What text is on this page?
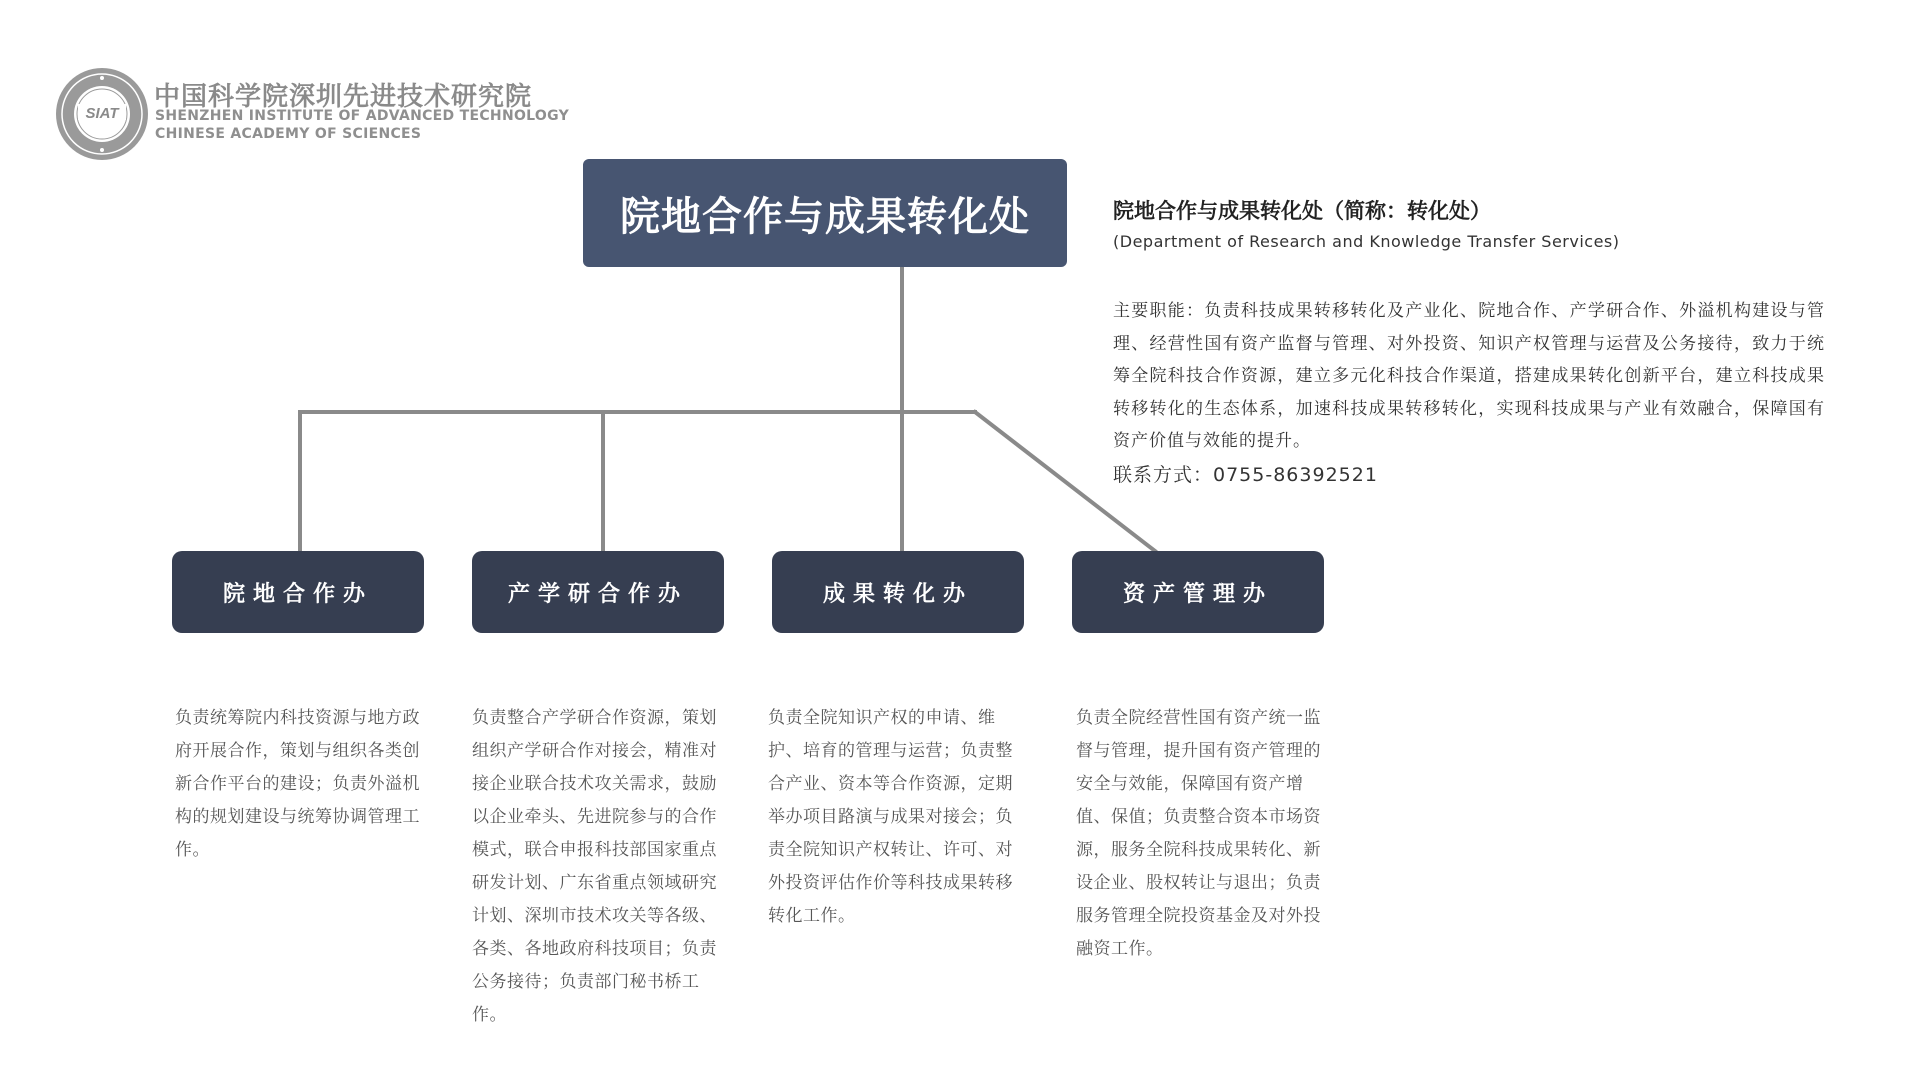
SIAT
中国科学院深圳先进技术研究院
SHENZHEN INSTITUTE OF ADVANCED TECHNOLOGY
CHINESE ACADEMY OF SCIENCES
院地合作与成果转化处	院地合作与成果转化处（简称：转化处）
(Department of Research and Knowledge Transfer Services)
主要职能：负责科技成果转移转化及产业化、院地合作、产学研合作、外溢机构建设与管理、经营性国有资产监督与管理、对外投资、知识产权管理与运营及公务接待，致力于统筹全院科技合作资源，建立多元化科技合作渠道，搭建成果转化创新平台，建立科技成果转移转化的生态体系，加速科技成果转移转化，实现科技成果与产业有效融合，保障国有资产价值与效能的提升。
联系方式：0755-86392521
院地合作办	产学研合作办	成果转化办	资产管理办
负责统筹院内科技资源与地方政府开展合作，策划与组织各类创新合作平台的建设；负责外溢机构的规划建设与统筹协调管理工作。
负责整合产学研合作资源，策划组织产学研合作对接会，精准对接企业联合技术攻关需求，鼓励以企业牵头、先进院参与的合作模式，联合申报科技部国家重点研发计划、广东省重点领域研究计划、深圳市技术攻关等各级、各类、各地政府科技项目；负责公务接待；负责部门秘书桥工作。
负责全院知识产权的申请、维护、培育的管理与运营；负责整合产业、资本等合作资源，定期举办项目路演与成果对接会；负责全院知识产权转让、许可、对外投资评估作价等科技成果转移转化工作。
负责全院经营性国有资产统一监督与管理，提升国有资产管理的安全与效能，保障国有资产增值、保值；负责整合资本市场资源，服务全院科技成果转化、新设企业、股权转让与退出；负责服务管理全院投资基金及对外投融资工作。
